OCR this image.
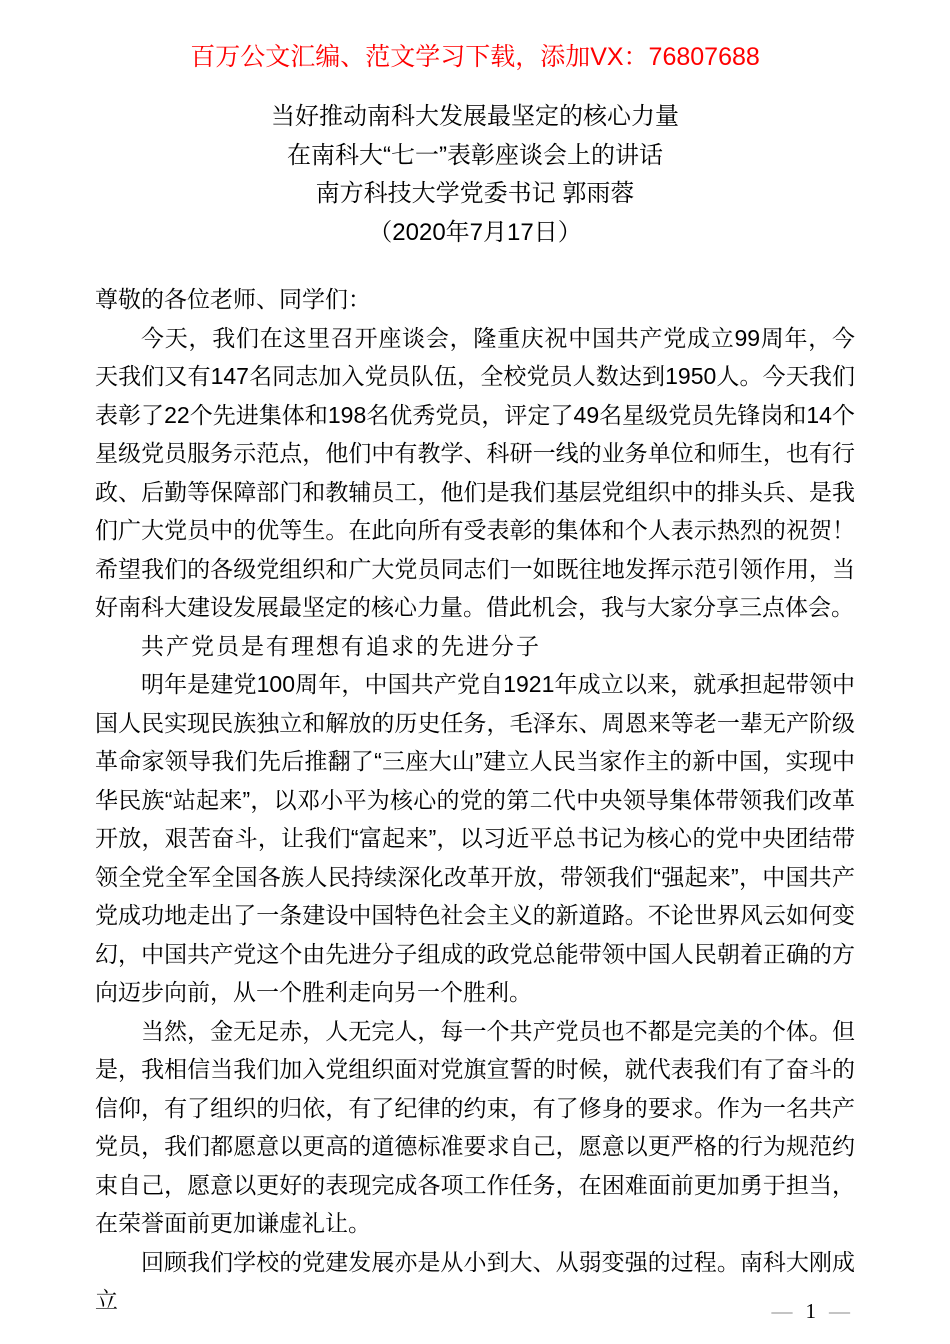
百万公文汇编、范文学习下载，添加VX：76807688
当好推动南科大发展最坚定的核心力量
在南科大“七一”表彰座谈会上的讲话
南方科技大学党委书记 郭雨蓉
（2020年7月17日）

尊敬的各位老师、同学们：

今天，我们在这里召开座谈会，隆重庆祝中国共产党成立99周年，今天我们又有147名同志加入党员队伍，全校党员人数达到1950人。今天我们表彰了22个先进集体和198名优秀党员，评定了49名星级党员先锋岗和14个星级党员服务示范点，他们中有教学、科研一线的业务单位和师生，也有行政、后勤等保障部门和教辅员工，他们是我们基层党组织中的排头兵、是我们广大党员中的优等生。在此向所有受表彰的集体和个人表示热烈的祝贺！希望我们的各级党组织和广大党员同志们一如既往地发挥示范引领作用，当好南科大建设发展最坚定的核心力量。借此机会，我与大家分享三点体会。

共产党员是有理想有追求的先进分子

明年是建党100周年，中国共产党自1921年成立以来，就承担起带领中国人民实现民族独立和解放的历史任务，毛泽东、周恩来等老一辈无产阶级革命家领导我们先后推翻了“三座大山”建立人民当家作主的新中国，实现中华民族“站起来”，以邓小平为核心的党的第二代中央领导集体带领我们改革开放，艰苦奋斗，让我们“富起来”，以习近平总书记为核心的党中央团结带领全党全军全国各族人民持续深化改革开放，带领我们“强起来”，中国共产党成功地走出了一条建设中国特色社会主义的新道路。不论世界风云如何变幻，中国共产党这个由先进分子组成的政党总能带领中国人民朝着正确的方向迈步向前，从一个胜利走向另一个胜利。

当然，金无足赤，人无完人，每一个共产党员也不都是完美的个体。但是，我相信当我们加入党组织面对党旗宣誓的时候，就代表我们有了奋斗的信仰，有了组织的归依，有了纪律的约束，有了修身的要求。作为一名共产党员，我们都愿意以更高的道德标准要求自己，愿意以更严格的行为规范约束自己，愿意以更好的表现完成各项工作任务，在困难面前更加勇于担当，在荣誉面前更加谦虚礼让。

回顾我们学校的党建发展亦是从小到大、从弱变强的过程。南科大刚成立	— 1 —
